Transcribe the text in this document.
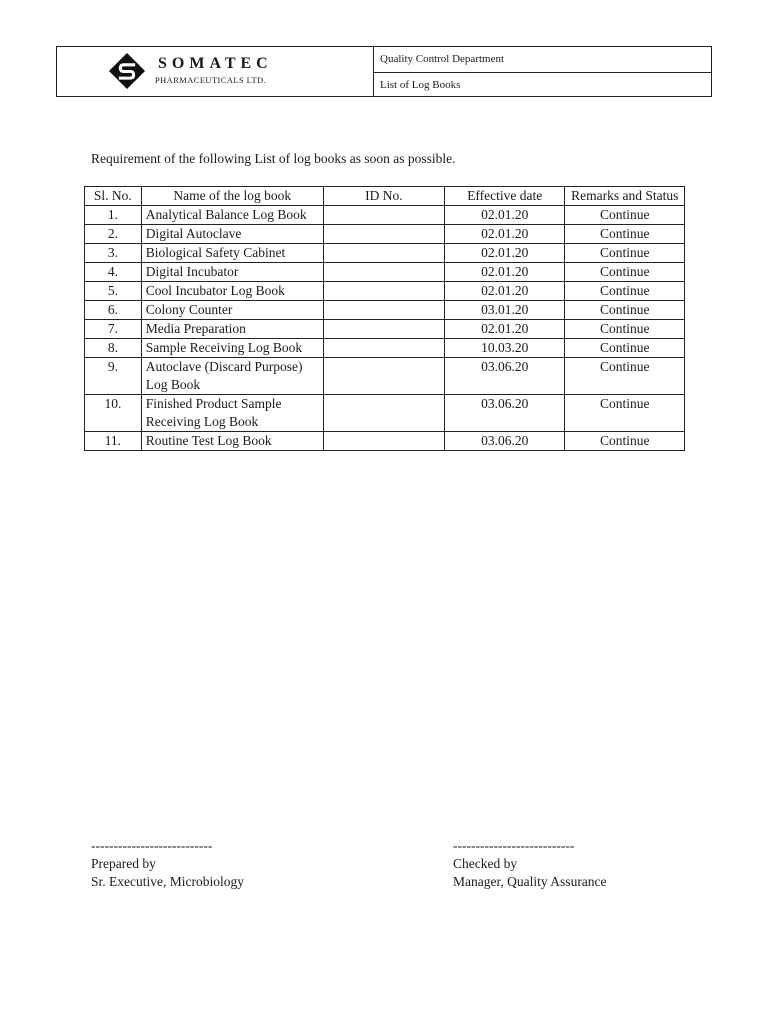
SOMATEC
PHARMACEUTICALS LTD.
Quality Control Department
List of Log Books
Requirement of the following List of log books as soon as possible.
Sl. No.	Name of the log book	ID No.	Effective date	Remarks and Status
1.	Analytical Balance Log Book		02.01.20	Continue
2.	Digital Autoclave		02.01.20	Continue
3.	Biological Safety Cabinet		02.01.20	Continue
4.	Digital Incubator		02.01.20	Continue
5.	Cool Incubator Log Book		02.01.20	Continue
6.	Colony Counter		03.01.20	Continue
7.	Media Preparation		02.01.20	Continue
8.	Sample Receiving Log Book		10.03.20	Continue
9.	Autoclave (Discard Purpose) Log Book		03.06.20	Continue
10.	Finished Product Sample Receiving Log Book		03.06.20	Continue
11.	Routine Test Log Book		03.06.20	Continue
---------------------------
Prepared by
Sr. Executive, Microbiology
---------------------------
Checked by
Manager, Quality Assurance
